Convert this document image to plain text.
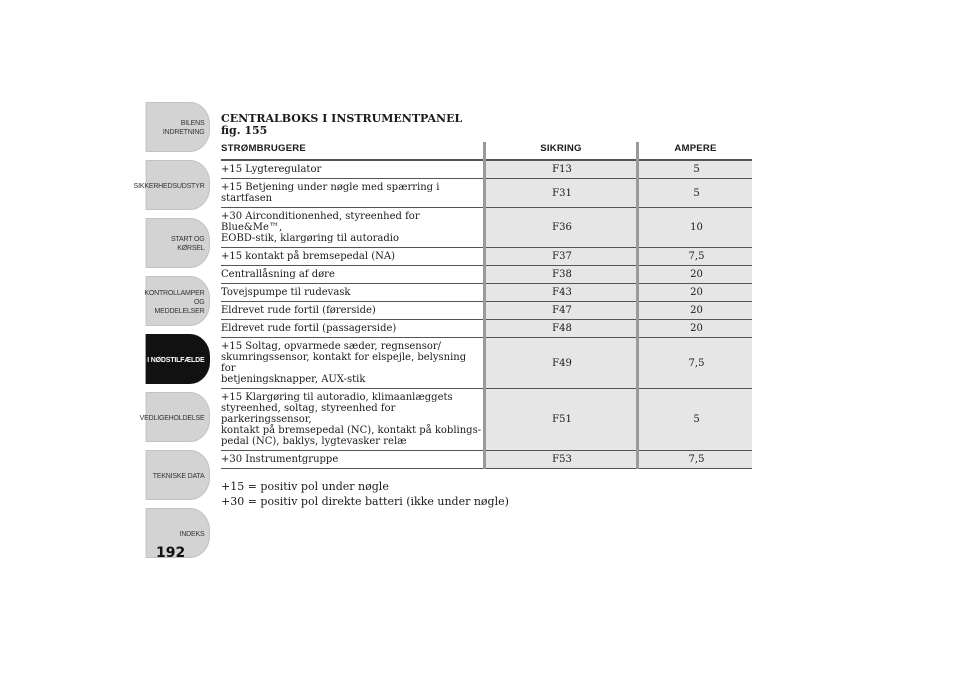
BILENS
INDRETNING
SIKKERHEDSUDSTYR
START OG KØRSEL
KONTROLLAMPER
OG MEDDELELSER
I NØDSTILFÆLDE
VEDLIGEHOLDELSE
TEKNISKE DATA
INDEKS
192
CENTRALBOKS I INSTRUMENTPANEL
fig. 155
STRØMBRUGERE	SIKRING	AMPERE
+15 Lygteregulator	F13	5
+15 Betjening under nøgle med spærring i startfasen	F31	5
+30 Airconditionenhed, styreenhed for Blue&Me™,
EOBD-stik, klargøring til autoradio	F36	10
+15 kontakt på bremsepedal (NA)	F37	7,5
Centrallåsning af døre	F38	20
Tovejspumpe til rudevask	F43	20
Eldrevet rude fortil (førerside)	F47	20
Eldrevet rude fortil (passagerside)	F48	20
+15 Soltag, opvarmede sæder, regnsensor/
skumringssensor, kontakt for elspejle, belysning for
betjeningsknapper, AUX-stik	F49	7,5
+15 Klargøring til autoradio, klimaanlæggets
styreenhed, soltag, styreenhed for parkeringssensor,
kontakt på bremsepedal (NC), kontakt på koblings-
pedal (NC), baklys, lygtevasker relæ	F51	5
+30 Instrumentgruppe	F53	7,5
+15 = positiv pol under nøgle
+30 = positiv pol direkte batteri (ikke under nøgle)
